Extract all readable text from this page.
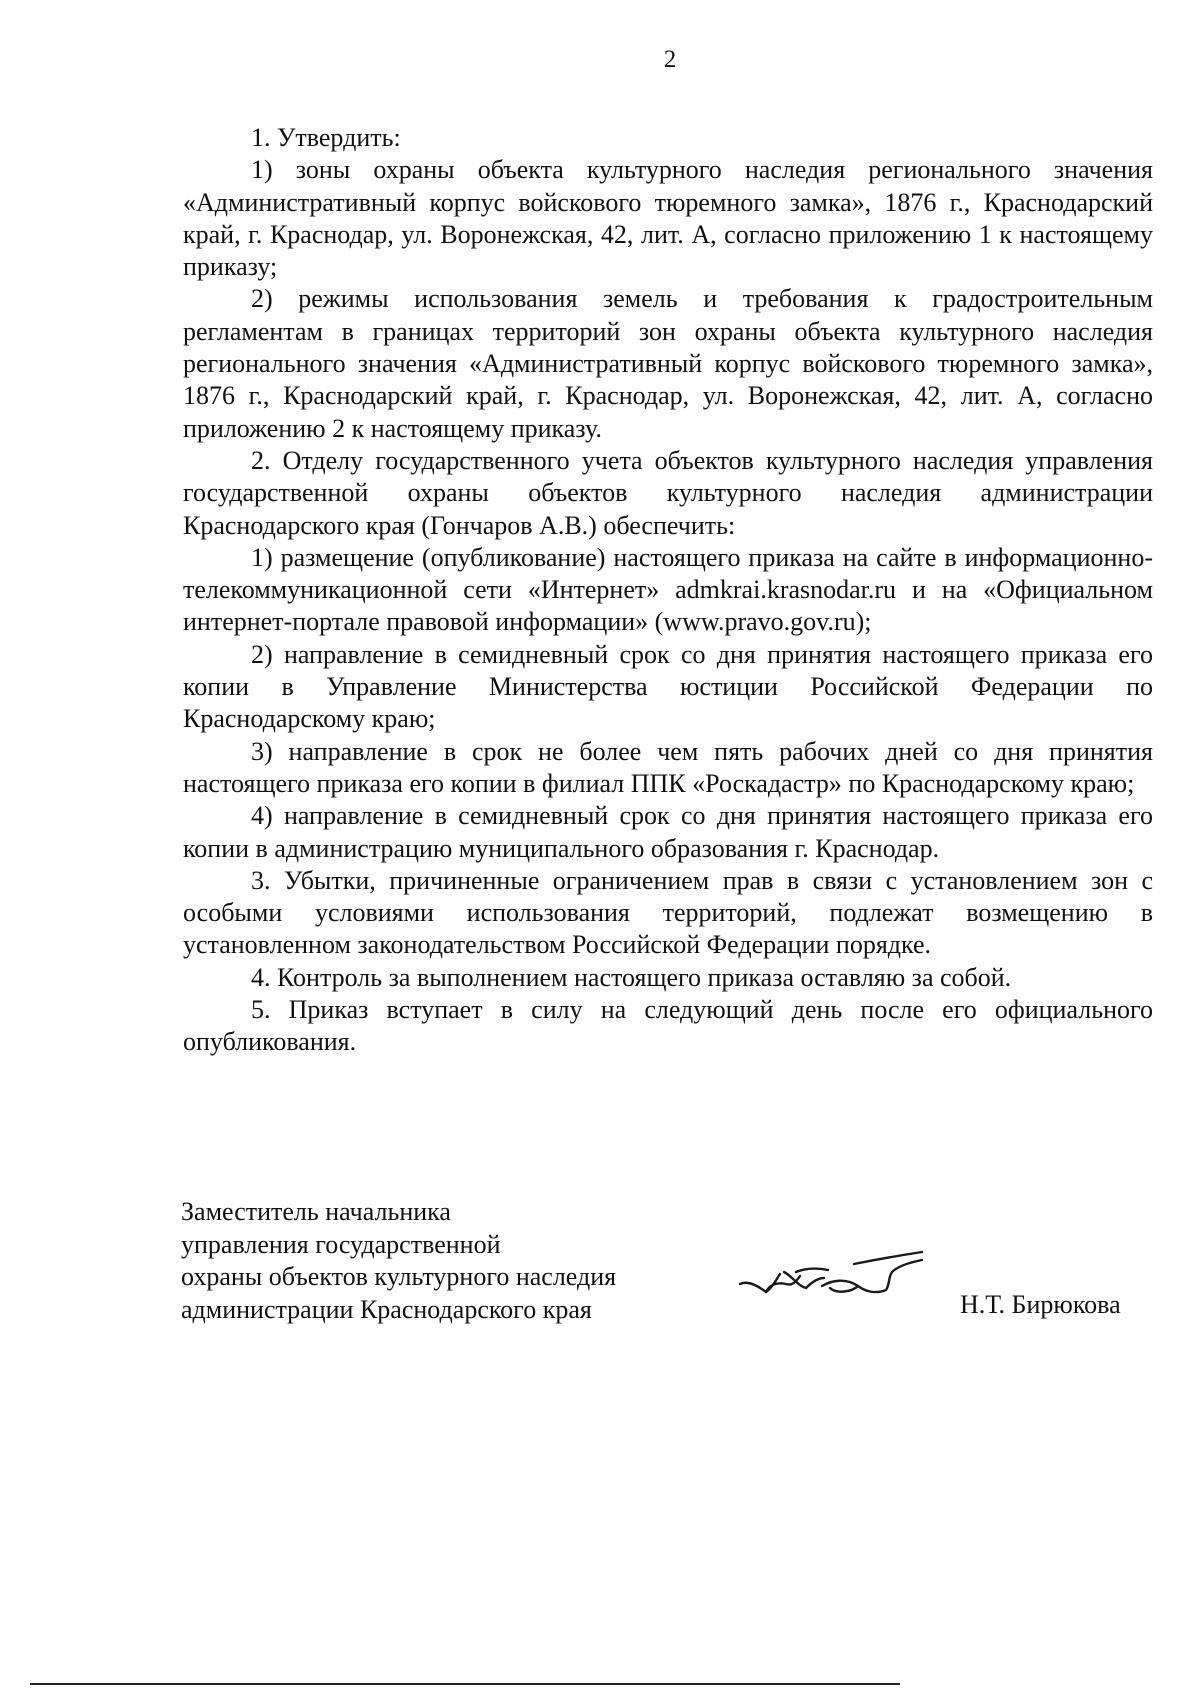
2

1. Утвердить:

1) зоны охраны объекта культурного наследия регионального значения «Административный корпус войскового тюремного замка», 1876 г., Краснодарский край, г. Краснодар, ул. Воронежская, 42, лит. А, согласно приложению 1 к настоящему приказу;

2) режимы использования земель и требования к градостроительным регламентам в границах территорий зон охраны объекта культурного наследия регионального значения «Административный корпус войскового тюремного замка», 1876 г., Краснодарский край, г. Краснодар, ул. Воронежская, 42, лит. А, согласно приложению 2 к настоящему приказу.

2. Отделу государственного учета объектов культурного наследия управления государственной охраны объектов культурного наследия администрации Краснодарского края (Гончаров А.В.) обеспечить:

1) размещение (опубликование) настоящего приказа на сайте в информационно-телекоммуникационной сети «Интернет» admkrai.krasnodar.ru и на «Официальном интернет-портале правовой информации» (www.pravo.gov.ru);

2) направление в семидневный срок со дня принятия настоящего приказа его копии в Управление Министерства юстиции Российской Федерации по Краснодарскому краю;

3) направление в срок не более чем пять рабочих дней со дня принятия настоящего приказа его копии в филиал ППК «Роскадастр» по Краснодарскому краю;

4) направление в семидневный срок со дня принятия настоящего приказа его копии в администрацию муниципального образования г. Краснодар.

3. Убытки, причиненные ограничением прав в связи с установлением зон с особыми условиями использования территорий, подлежат возмещению в установленном законодательством Российской Федерации порядке.

4. Контроль за выполнением настоящего приказа оставляю за собой.

5. Приказ вступает в силу на следующий день после его официального опубликования.

Заместитель начальника
управления государственной
охраны объектов культурного наследия
администрации Краснодарского края	Н.Т. Бирюкова
